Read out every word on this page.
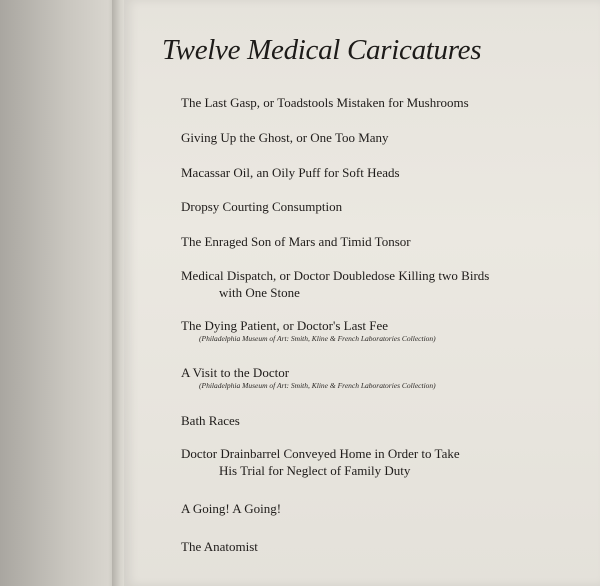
Twelve Medical Caricatures
The Last Gasp, or Toadstools Mistaken for Mushrooms
Giving Up the Ghost, or One Too Many
Macassar Oil, an Oily Puff for Soft Heads
Dropsy Courting Consumption
The Enraged Son of Mars and Timid Tonsor
Medical Dispatch, or Doctor Doubledose Killing two Birds
with One Stone
The Dying Patient, or Doctor's Last Fee
(Philadelphia Museum of Art: Smith, Kline & French Laboratories Collection)
A Visit to the Doctor
(Philadelphia Museum of Art: Smith, Kline & French Laboratories Collection)
Bath Races
Doctor Drainbarrel Conveyed Home in Order to Take
His Trial for Neglect of Family Duty
A Going! A Going!
The Anatomist
